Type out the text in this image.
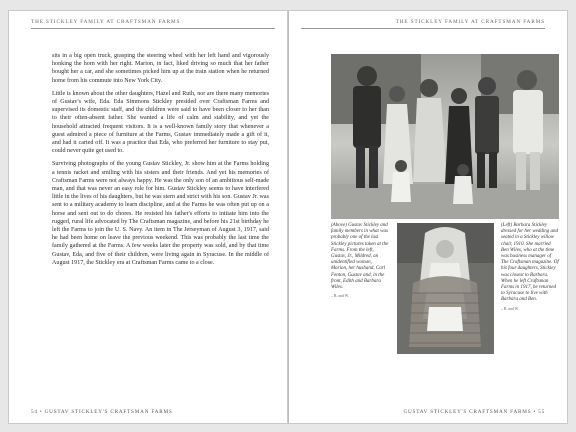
THE STICKLEY FAMILY AT CRAFTSMAN FARMS

sits in a big open truck, grasping the steering wheel with her left hand and vigorously honking the horn with her right. Marion, in fact, liked driving so much that her father bought her a car, and she sometimes picked him up at the train station when he returned home from his commute into New York City.

Little is known about the other daughters, Hazel and Ruth, nor are there many memories of Gustav's wife, Eda. Eda Simmons Stickley presided over Craftsman Farms and supervised its domestic staff, and the children were said to have been closer to her than to their often-absent father. She wanted a life of calm and stability, and yet the household attracted frequent visitors. It is a well-known family story that whenever a guest admired a piece of furniture at the Farms, Gustav immediately made a gift of it, and had it carted off. It was a practice that Eda, who preferred her furniture to stay put, could never quite get used to.

Surviving photographs of the young Gustav Stickley, Jr. show him at the Farms holding a tennis racket and smiling with his sisters and their friends. And yet his memories of Craftsman Farms were not always happy. He was the only son of an ambitious self-made man, and that was never an easy role for him. Gustav Stickley seems to have interfered little in the lives of his daughters, but he was stern and strict with his son. Gustav Jr. was sent to a military academy to learn discipline, and at the Farms he was often put up on a horse and sent out to do chores. He resisted his father's efforts to initiate him into the rugged, rural life advocated by The Craftsman magazine, and before his 21st birthday he left the Farms to join the U. S. Navy. An item in The Jerseyman of August 3, 1917, said he had been home on leave the previous weekend. This was probably the last time the family gathered at the Farms. A few weeks later the property was sold, and by that time Gustav, Eda, and five of their children, were living again in Syracuse. In the middle of August 1917, the Stickley era at Craftsman Farms came to a close.

54 • GUSTAV STICKLEY'S CRAFTSMAN FARMS
THE STICKLEY FAMILY AT CRAFTSMAN FARMS
(Above) Gustav Stickley and family members in what was probably one of the last Stickley pictures taken at the Farms. From the left, Gustav, Jr., Mildred, an unidentified woman, Marion, her husband, Carl Fenton, Gustav and, in the front, Edith and Barbara Wiles.
– B. and W.
(Left) Barbara Stickley dressed for her wedding and seated in a Stickley willow chair, 1910. She married Ben Wiles, who at the time was business manager of The Craftsman magazine. Of his four daughters, Stickley was closest to Barbara. When he left Craftsman Farms in 1917, he returned to Syracuse to live with Barbara and Ben.
– B. and W.
GUSTAV STICKLEY'S CRAFTSMAN FARMS • 55
